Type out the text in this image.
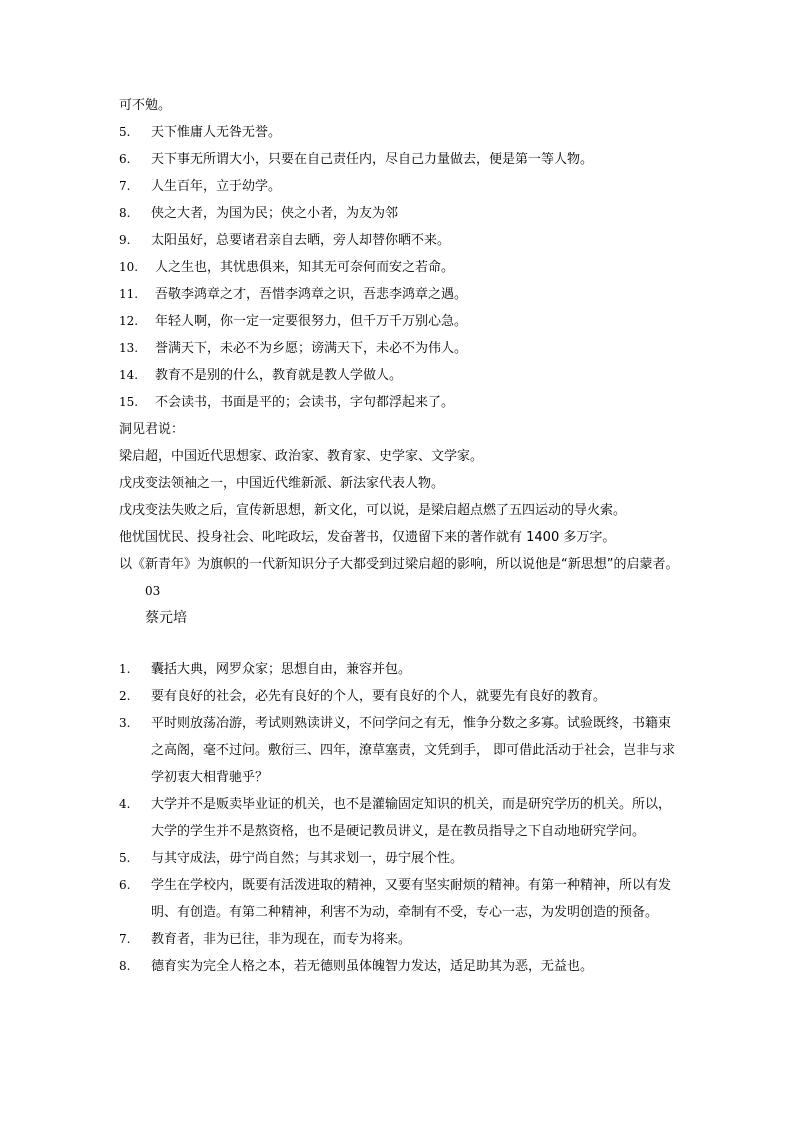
可不勉。
5.	天下惟庸人无咎无誉。
6.	天下事无所谓大小，只要在自己责任内，尽自己力量做去，便是第一等人物。
7.	人生百年，立于幼学。
8.	侠之大者，为国为民；侠之小者，为友为邻
9.	太阳虽好，总要诸君亲自去晒，旁人却替你晒不来。
10.	人之生也，其忧患俱来，知其无可奈何而安之若命。
11.	吾敬李鸿章之才，吾惜李鸿章之识，吾悲李鸿章之遇。
12.	年轻人啊，你一定一定要很努力，但千万千万别心急。
13.	誉满天下，未必不为乡愿；谤满天下，未必不为伟人。
14.	教育不是别的什么，教育就是教人学做人。
15.	不会读书，书面是平的；会读书，字句都浮起来了。
洞见君说：
梁启超，中国近代思想家、政治家、教育家、史学家、文学家。
戊戌变法领袖之一，中国近代维新派、新法家代表人物。
戊戌变法失败之后，宣传新思想，新文化，可以说，是梁启超点燃了五四运动的导火索。
他忧国忧民、投身社会、叱咤政坛，发奋著书，仅遗留下来的著作就有 1400 多万字。
以《新青年》为旗帜的一代新知识分子大都受到过梁启超的影响，所以说他是“新思想”的启蒙者。
03
蔡元培
1.	囊括大典，网罗众家；思想自由，兼容并包。
2.	要有良好的社会，必先有良好的个人，要有良好的个人，就要先有良好的教育。
3.	平时则放荡冶游，考试则熟读讲义，不问学问之有无，惟争分数之多寡。试验既终，书籍束之高阁，毫不过问。敷衍三、四年，潦草塞责，文凭到手， 即可借此活动于社会，岂非与求学初衷大相背驰乎？
4.	大学并不是贩卖毕业证的机关，也不是灌输固定知识的机关，而是研究学历的机关。所以，大学的学生并不是熬资格，也不是硬记教员讲义，是在教员指导之下自动地研究学问。
5.	与其守成法，毋宁尚自然；与其求划一，毋宁展个性。
6.	学生在学校内，既要有活泼进取的精神，又要有坚实耐烦的精神。有第一种精神，所以有发明、有创造。有第二种精神，利害不为动，牵制有不受，专心一志，为发明创造的预备。
7.	教育者，非为已往，非为现在，而专为将来。
8.	德育实为完全人格之本，若无德则虽体魄智力发达，适足助其为恶，无益也。
